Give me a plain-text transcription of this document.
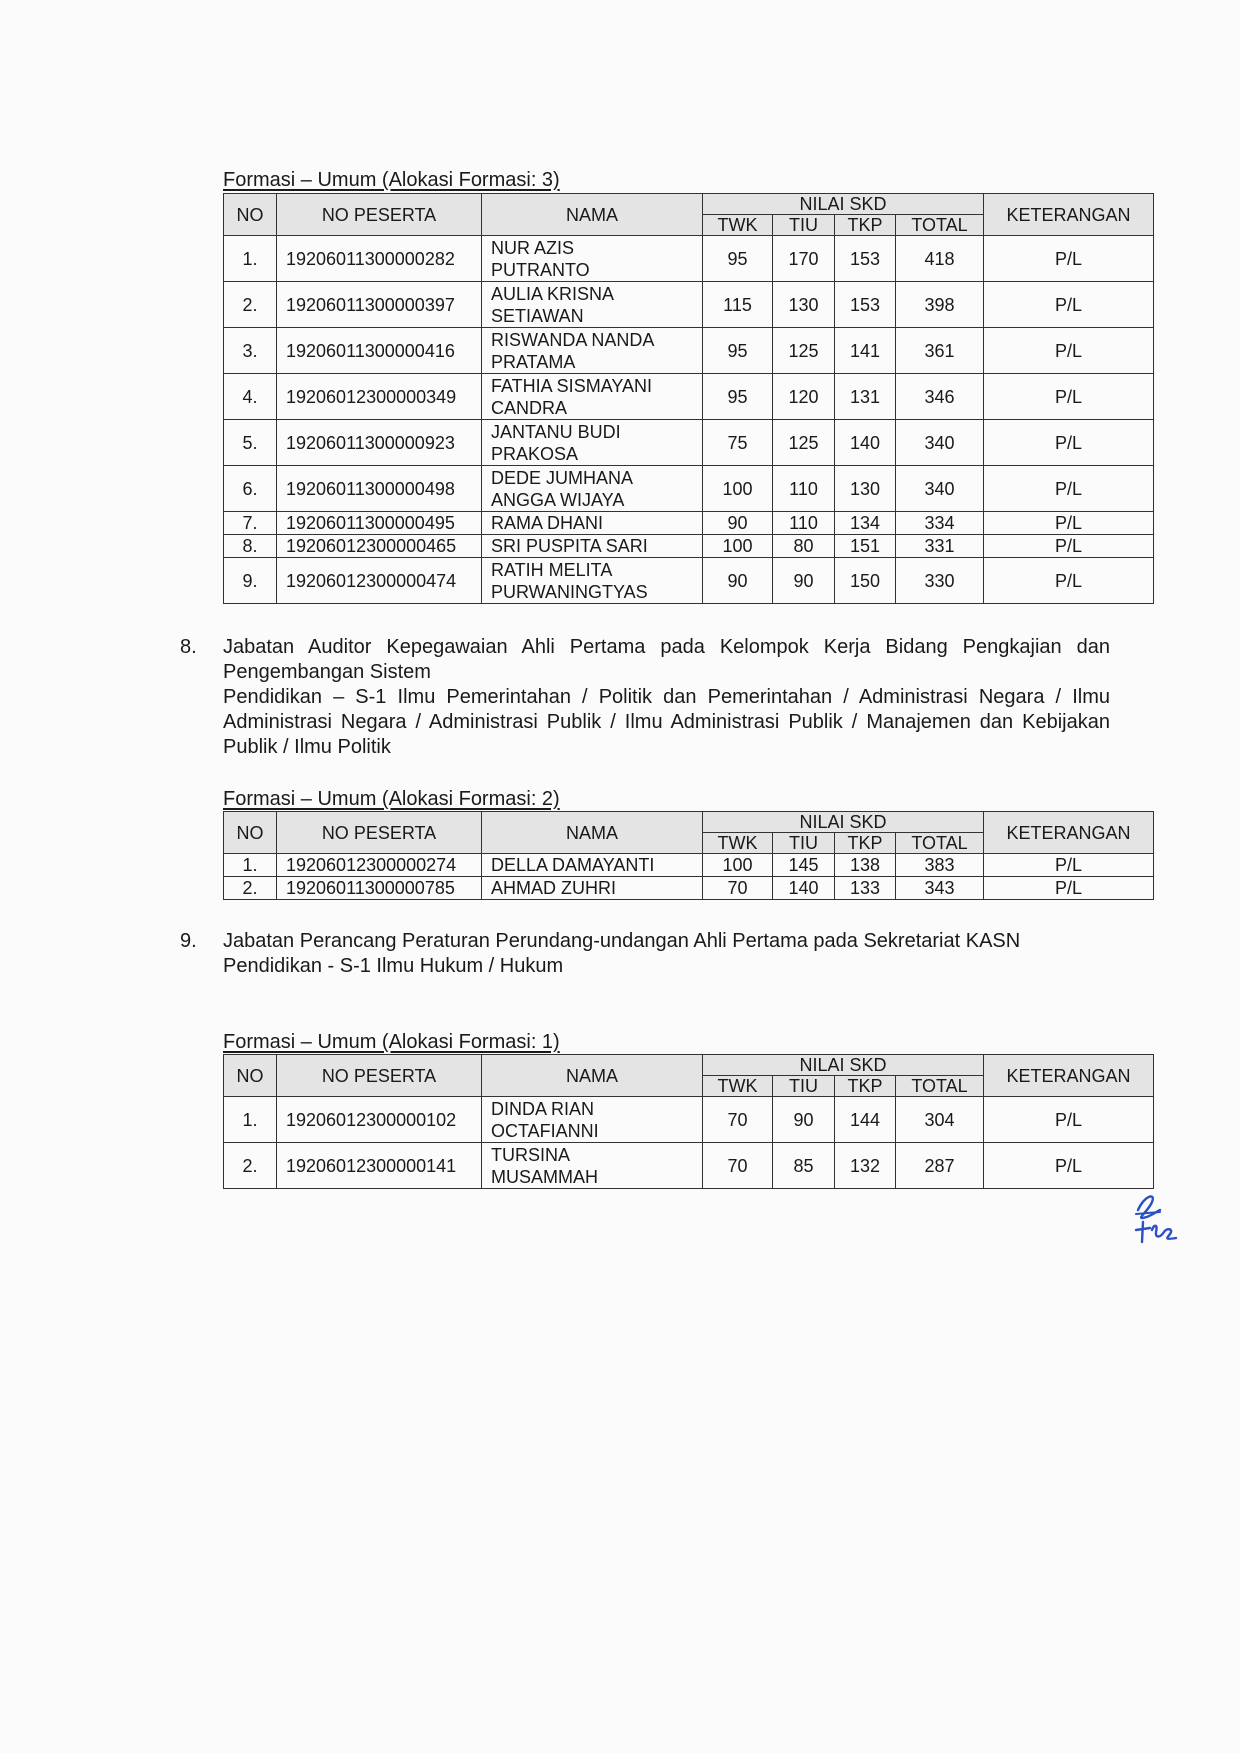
Formasi – Umum (Alokasi Formasi: 3)
NO	NO PESERTA	NAMA	NILAI SKD				KETERANGAN
			TWK	TIU	TKP	TOTAL	
1.	19206011300000282	NUR AZIS
PUTRANTO	95	170	153	418	P/L
2.	19206011300000397	AULIA KRISNA
SETIAWAN	115	130	153	398	P/L
3.	19206011300000416	RISWANDA NANDA
PRATAMA	95	125	141	361	P/L
4.	19206012300000349	FATHIA SISMAYANI
CANDRA	95	120	131	346	P/L
5.	19206011300000923	JANTANU BUDI
PRAKOSA	75	125	140	340	P/L
6.	19206011300000498	DEDE JUMHANA
ANGGA WIJAYA	100	110	130	340	P/L
7.	19206011300000495	RAMA DHANI	90	110	134	334	P/L
8.	19206012300000465	SRI PUSPITA SARI	100	80	151	331	P/L
9.	19206012300000474	RATIH MELITA
PURWANINGTYAS	90	90	150	330	P/L
8. Jabatan Auditor Kepegawaian Ahli Pertama pada Kelompok Kerja Bidang Pengkajian dan Pengembangan Sistem
Pendidikan – S-1 Ilmu Pemerintahan / Politik dan Pemerintahan / Administrasi Negara / Ilmu Administrasi Negara / Administrasi Publik / Ilmu Administrasi Publik / Manajemen dan Kebijakan Publik / Ilmu Politik
Formasi – Umum (Alokasi Formasi: 2)
NO	NO PESERTA	NAMA	NILAI SKD				KETERANGAN
			TWK	TIU	TKP	TOTAL	
1.	19206012300000274	DELLA DAMAYANTI	100	145	138	383	P/L
2.	19206011300000785	AHMAD ZUHRI	70	140	133	343	P/L
9. Jabatan Perancang Peraturan Perundang-undangan Ahli Pertama pada Sekretariat KASN
Pendidikan - S-1 Ilmu Hukum / Hukum
Formasi – Umum (Alokasi Formasi: 1)
NO	NO PESERTA	NAMA	NILAI SKD				KETERANGAN
			TWK	TIU	TKP	TOTAL	
1.	19206012300000102	DINDA RIAN
OCTAFIANNI	70	90	144	304	P/L
2.	19206012300000141	TURSINA
MUSAMMAH	70	85	132	287	P/L
